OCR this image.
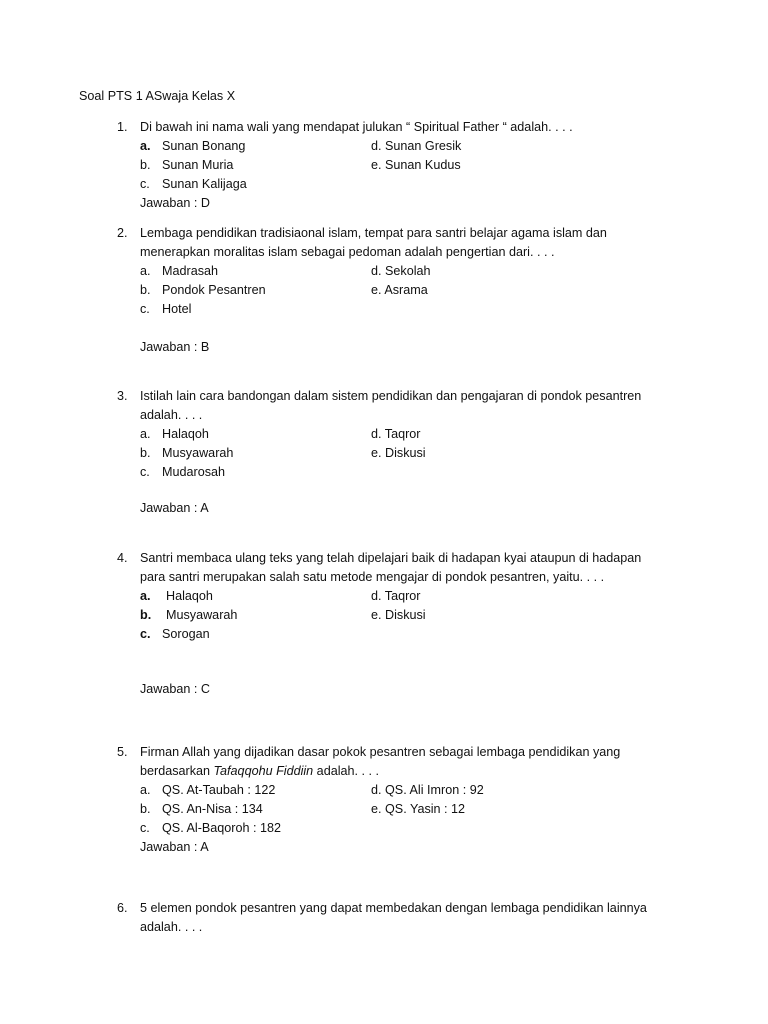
Soal PTS 1 ASwaja Kelas X
1. Di bawah ini nama wali yang mendapat julukan “ Spiritual Father “ adalah. . . .
a. Sunan Bonang	d. Sunan Gresik
b. Sunan Muria	e. Sunan Kudus
c. Sunan Kalijaga
Jawaban : D
2. Lembaga pendidikan tradisiaonal islam, tempat para santri belajar agama islam dan
menerapkan moralitas islam sebagai pedoman adalah pengertian dari. . . .
a. Madrasah	d. Sekolah
b. Pondok Pesantren	e. Asrama
c. Hotel
Jawaban : B
3. Istilah lain cara bandongan dalam sistem pendidikan dan pengajaran di pondok pesantren
adalah. . . .
a. Halaqoh	d. Taqror
b. Musyawarah	e. Diskusi
c. Mudarosah
Jawaban : A
4. Santri membaca ulang teks yang telah dipelajari baik di hadapan kyai ataupun di hadapan
para santri merupakan salah satu metode mengajar di pondok pesantren, yaitu. . . .
a. Halaqoh	d. Taqror
b. Musyawarah	e. Diskusi
c. Sorogan
Jawaban : C
5. Firman Allah yang dijadikan dasar pokok pesantren sebagai lembaga pendidikan yang
berdasarkan Tafaqqohu Fiddiin adalah. . . .
a. QS. At-Taubah : 122	d. QS. Ali Imron : 92
b. QS. An-Nisa : 134	e. QS. Yasin : 12
c. QS. Al-Baqoroh : 182
Jawaban : A
6. 5 elemen pondok pesantren yang dapat membedakan dengan lembaga pendidikan lainnya
adalah. . . .
